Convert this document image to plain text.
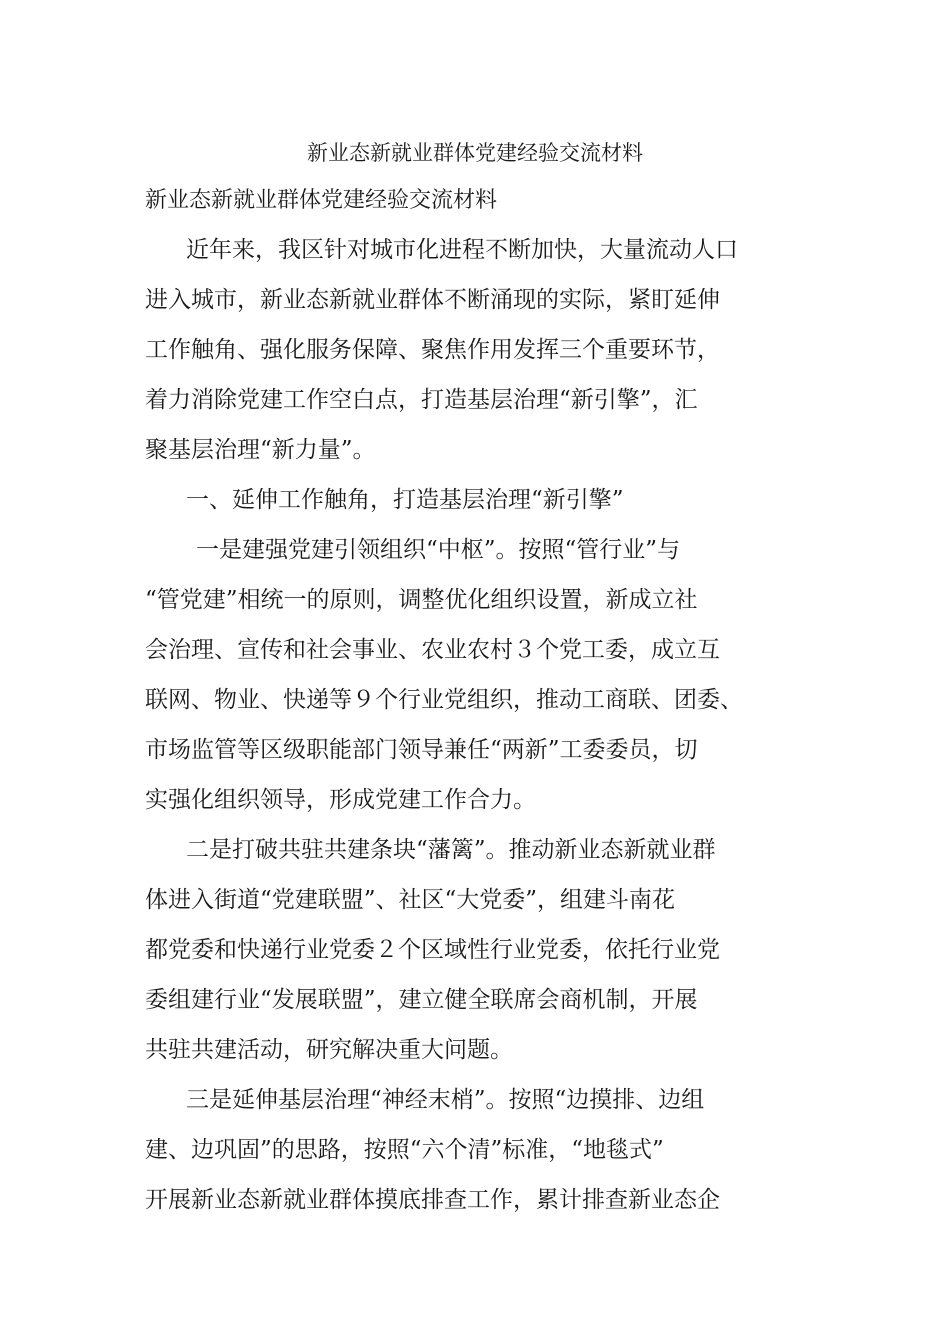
新业态新就业群体党建经验交流材料
新业态新就业群体党建经验交流材料
近年来，我区针对城市化进程不断加快，大量流动人口
进入城市，新业态新就业群体不断涌现的实际，紧盯延伸
工作触角、强化服务保障、聚焦作用发挥三个重要环节，
着力消除党建工作空白点，打造基层治理“新引擎”，汇
聚基层治理“新力量”。
一、延伸工作触角，打造基层治理“新引擎”
一是建强党建引领组织“中枢”。按照“管行业”与
“管党建”相统一的原则，调整优化组织设置，新成立社
会治理、宣传和社会事业、农业农村３个党工委，成立互
联网、物业、快递等９个行业党组织，推动工商联、团委、
市场监管等区级职能部门领导兼任“两新”工委委员，切
实强化组织领导，形成党建工作合力。
二是打破共驻共建条块“藩篱”。推动新业态新就业群
体进入街道“党建联盟”、社区“大党委”，组建斗南花
都党委和快递行业党委２个区域性行业党委，依托行业党
委组建行业“发展联盟”，建立健全联席会商机制，开展
共驻共建活动，研究解决重大问题。
三是延伸基层治理“神经末梢”。按照“边摸排、边组
建、边巩固”的思路，按照“六个清”标准，“地毯式”
开展新业态新就业群体摸底排查工作，累计排查新业态企
